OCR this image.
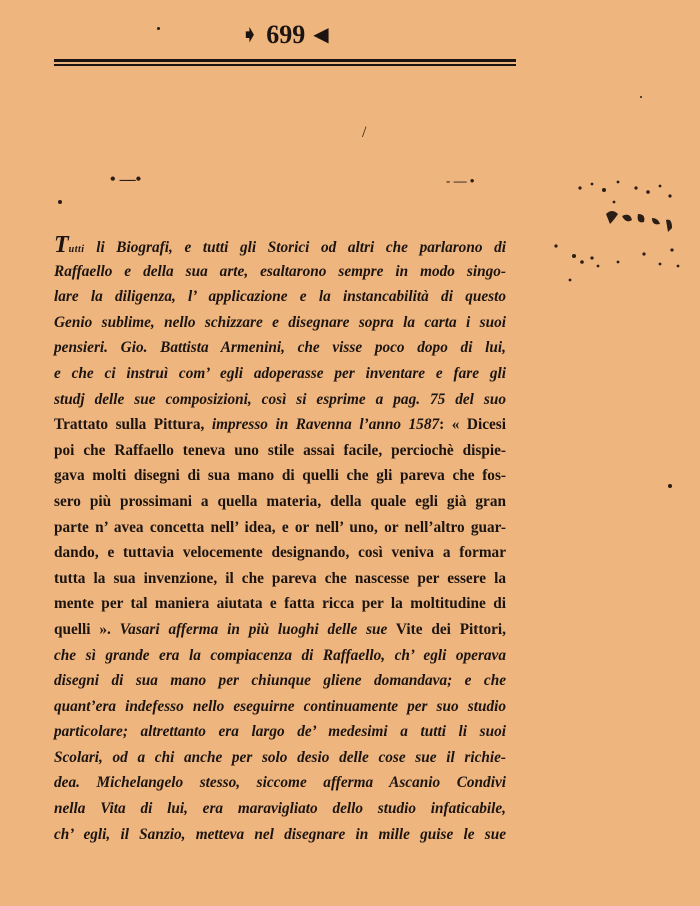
➧ 699 ◀
/
• —•	- — •
Tutti li Biografi, e tutti gli Storici od altri che parlarono di
Raffaello e della sua arte, esaltarono sempre in modo singo-
lare la diligenza, l’ applicazione e la instancabilità di questo
Genio sublime, nello schizzare e disegnare sopra la carta i suoi
pensieri. Gio. Battista Armenini, che visse poco dopo di lui,
e che ci instruì com’ egli adoperasse per inventare e fare gli
studj delle sue composizioni, così si esprime a pag. 75 del suo
Trattato sulla Pittura, impresso in Ravenna l’anno 1587: « Dicesi
poi che Raffaello teneva uno stile assai facile, perciochè dispie-
gava molti disegni di sua mano di quelli che gli pareva che fos-
sero più prossimani a quella materia, della quale egli già gran
parte n’ avea concetta nell’ idea, e or nell’ uno, or nell’altro guar-
dando, e tuttavia velocemente designando, così veniva a formar
tutta la sua invenzione, il che pareva che nascesse per essere la
mente per tal maniera aiutata e fatta ricca per la moltitudine di
quelli ». Vasari afferma in più luoghi delle sue Vite dei Pittori,
che sì grande era la compiacenza di Raffaello, ch’ egli operava
disegni di sua mano per chiunque gliene domandava; e che
quant’era indefesso nello eseguirne continuamente per suo studio
particolare; altrettanto era largo de’ medesimi a tutti li suoi
Scolari, od a chi anche per solo desio delle cose sue il richie-
dea. Michelangelo stesso, siccome afferma Ascanio Condivi
nella Vita di lui, era maravigliato dello studio infaticabile,
ch’ egli, il Sanzio, metteva nel disegnare in mille guise le sue
